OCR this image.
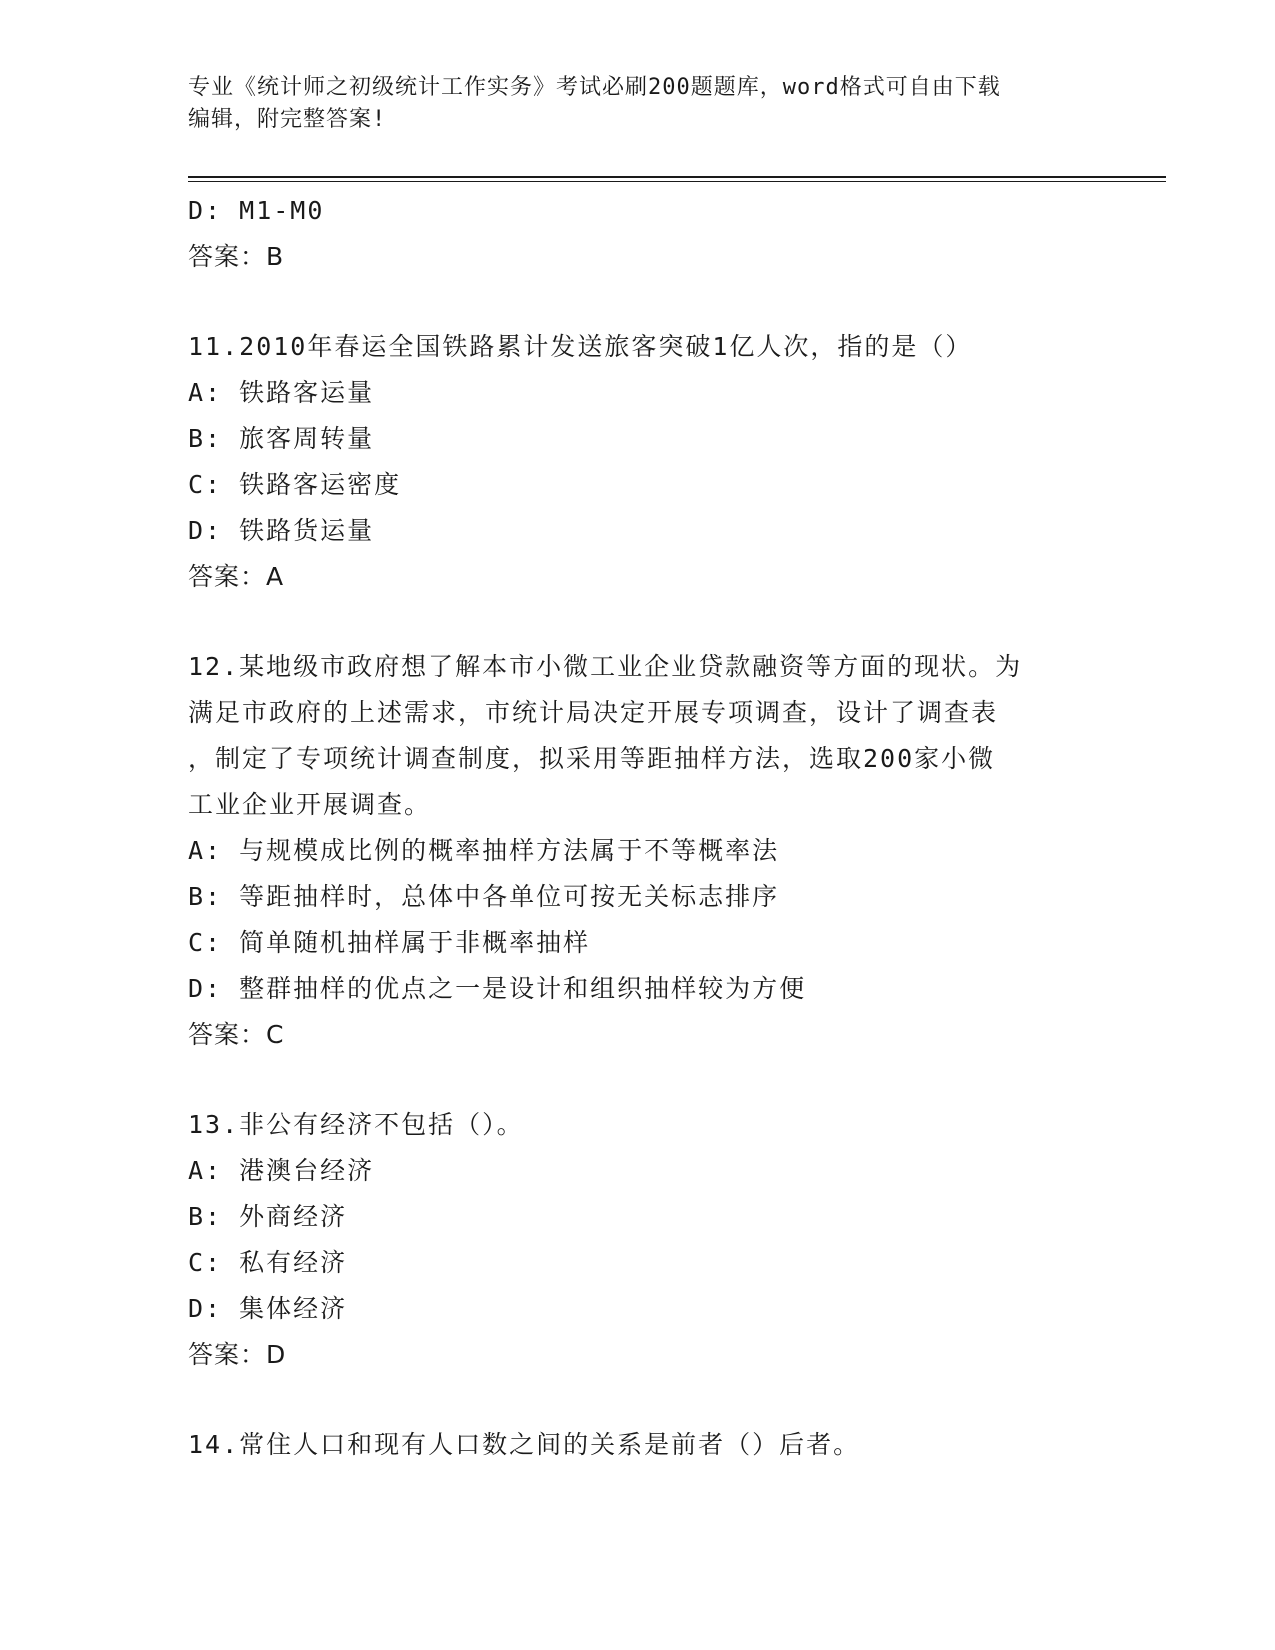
专业《统计师之初级统计工作实务》考试必刷200题题库，word格式可自由下载
编辑，附完整答案!
D: M1-M0
答案：B
11.2010年春运全国铁路累计发送旅客突破1亿人次，指的是（）
A: 铁路客运量
B: 旅客周转量
C: 铁路客运密度
D: 铁路货运量
答案：A
12.某地级市政府想了解本市小微工业企业贷款融资等方面的现状。为
满足市政府的上述需求，市统计局决定开展专项调查，设计了调查表
，制定了专项统计调查制度，拟采用等距抽样方法，选取200家小微
工业企业开展调查。
A: 与规模成比例的概率抽样方法属于不等概率法
B: 等距抽样时，总体中各单位可按无关标志排序
C: 简单随机抽样属于非概率抽样
D: 整群抽样的优点之一是设计和组织抽样较为方便
答案：C
13.非公有经济不包括（）。
A: 港澳台经济
B: 外商经济
C: 私有经济
D: 集体经济
答案：D
14.常住人口和现有人口数之间的关系是前者（）后者。
